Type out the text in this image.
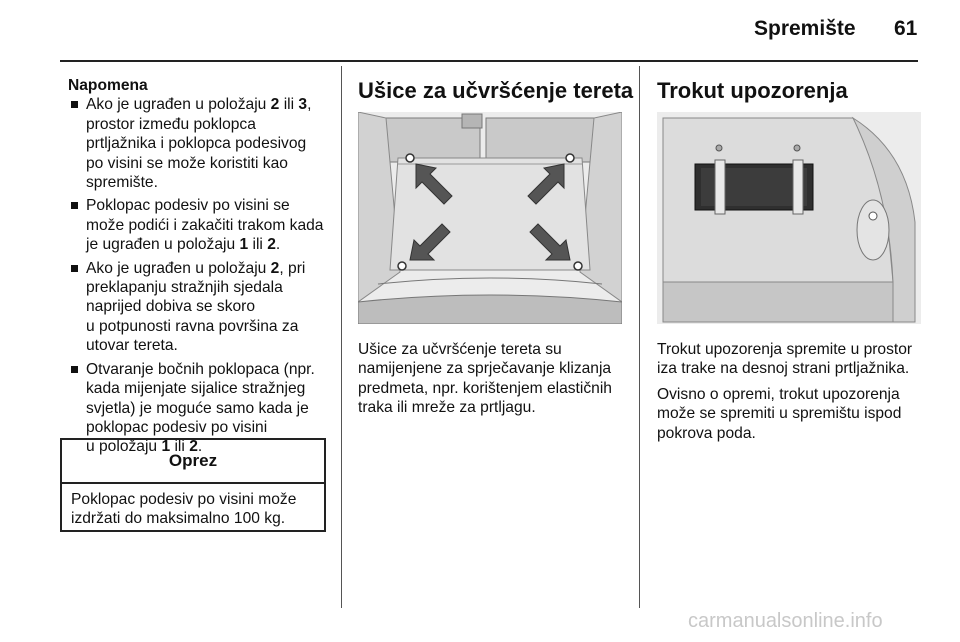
Spremište 61
Napomena
Ako je ugrađen u položaju 2 ili 3,
prostor između poklopca
prtljažnika i poklopca podesivog
po visini se može koristiti kao
spremište.
Poklopac podesiv po visini se
može podići i zakačiti trakom kada
je ugrađen u položaju 1 ili 2.
Ako je ugrađen u položaju 2, pri
preklapanju stražnjih sjedala
naprijed dobiva se skoro
u potpunosti ravna površina za
utovar tereta.
Otvaranje bočnih poklopaca (npr.
kada mijenjate sijalice stražnjeg
svjetla) je moguće samo kada je
poklopac podesiv po visini
u položaju 1 ili 2.
Oprez
Poklopac podesiv po visini može
izdržati do maksimalno 100 kg.
Ušice za učvršćenje tereta
Ušice za učvršćenje tereta su
namijenjene za sprječavanje klizanja
predmeta, npr. korištenjem elastičnih
traka ili mreže za prtljagu.
Trokut upozorenja
Trokut upozorenja spremite u prostor
iza trake na desnoj strani prtljažnika.
Ovisno o opremi, trokut upozorenja
može se spremiti u spremištu ispod
pokrova poda.
carmanualsonline.info
